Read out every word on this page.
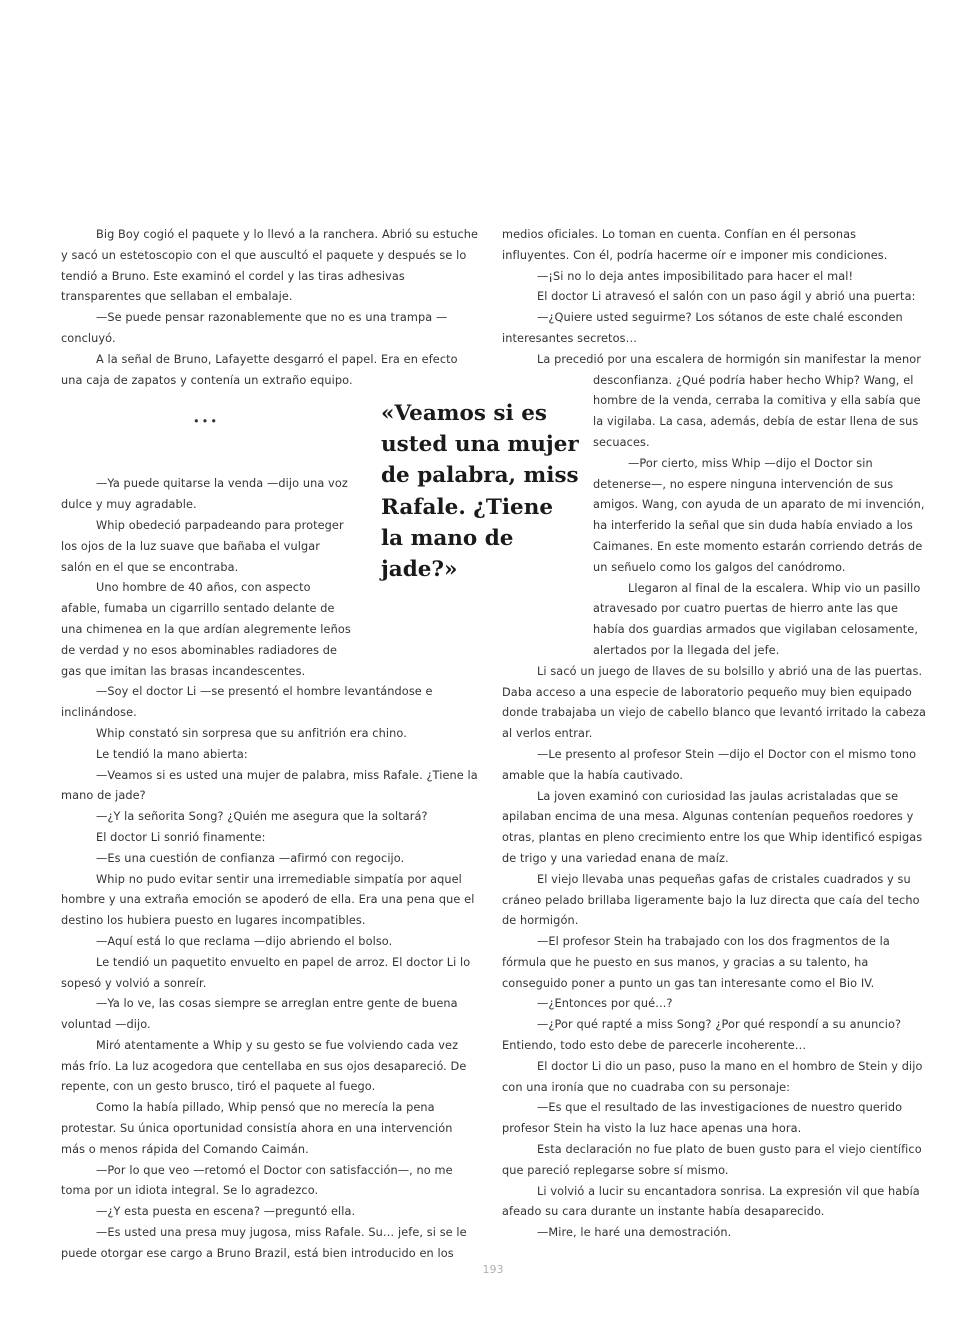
Big Boy cogió el paquete y lo llevó a la ranchera. Abrió su estuche y sacó un estetoscopio con el que auscultó el paquete y después se lo tendió a Bruno. Este examinó el cordel y las tiras adhesivas transparentes que sellaban el embalaje.

—Se puede pensar razonablemente que no es una trampa —concluyó.

A la señal de Bruno, Lafayette desgarró el papel. Era en efecto una caja de zapatos y contenía un extraño equipo.

•••

—Ya puede quitarse la venda —dijo una voz dulce y muy agradable.

Whip obedeció parpadeando para proteger los ojos de la luz suave que bañaba el vulgar salón en el que se encontraba.

Uno hombre de 40 años, con aspecto afable, fumaba un cigarrillo sentado delante de una chimenea en la que ardían alegremente leños de verdad y no esos abominables radiadores de gas que imitan las brasas incandescentes.

—Soy el doctor Li —se presentó el hombre levantándose e inclinándose.

Whip constató sin sorpresa que su anfitrión era chino.

Le tendió la mano abierta:

—Veamos si es usted una mujer de palabra, miss Rafale. ¿Tiene la mano de jade?

—¿Y la señorita Song? ¿Quién me asegura que la soltará?

El doctor Li sonrió finamente:

—Es una cuestión de confianza —afirmó con regocijo.

Whip no pudo evitar sentir una irremediable simpatía por aquel hombre y una extraña emoción se apoderó de ella. Era una pena que el destino los hubiera puesto en lugares incompatibles.

—Aquí está lo que reclama —dijo abriendo el bolso.

Le tendió un paquetito envuelto en papel de arroz. El doctor Li lo sopesó y volvió a sonreír.

—Ya lo ve, las cosas siempre se arreglan entre gente de buena voluntad —dijo.

Miró atentamente a Whip y su gesto se fue volviendo cada vez más frío. La luz acogedora que centellaba en sus ojos desapareció. De repente, con un gesto brusco, tiró el paquete al fuego.

Como la había pillado, Whip pensó que no merecía la pena protestar. Su única oportunidad consistía ahora en una intervención más o menos rápida del Comando Caimán.

—Por lo que veo —retomó el Doctor con satisfacción—, no me toma por un idiota integral. Se lo agradezco.

—¿Y esta puesta en escena? —preguntó ella.

—Es usted una presa muy jugosa, miss Rafale. Su… jefe, si se le puede otorgar ese cargo a Bruno Brazil, está bien introducido en los

«Veamos si es usted una mujer de palabra, miss Rafale. ¿Tiene la mano de jade?»

medios oficiales. Lo toman en cuenta. Confían en él personas influyentes. Con él, podría hacerme oír e imponer mis condiciones.

—¡Si no lo deja antes imposibilitado para hacer el mal!

El doctor Li atravesó el salón con un paso ágil y abrió una puerta:

—¿Quiere usted seguirme? Los sótanos de este chalé esconden interesantes secretos…

La precedió por una escalera de hormigón sin manifestar la menor

desconfianza. ¿Qué podría haber hecho Whip? Wang, el hombre de la venda, cerraba la comitiva y ella sabía que la vigilaba. La casa, además, debía de estar llena de sus secuaces.

—Por cierto, miss Whip —dijo el Doctor sin detenerse—, no espere ninguna intervención de sus amigos. Wang, con ayuda de un aparato de mi invención, ha interferido la señal que sin duda había enviado a los Caimanes. En este momento estarán corriendo detrás de un señuelo como los galgos del canódromo.

Llegaron al final de la escalera. Whip vio un pasillo atravesado por cuatro puertas de hierro ante las que había dos guardias armados que vigilaban celosamente, alertados por la llegada del jefe.

Li sacó un juego de llaves de su bolsillo y abrió una de las puertas. Daba acceso a una especie de laboratorio pequeño muy bien equipado donde trabajaba un viejo de cabello blanco que levantó irritado la cabeza al verlos entrar.

—Le presento al profesor Stein —dijo el Doctor con el mismo tono amable que la había cautivado.

La joven examinó con curiosidad las jaulas acristaladas que se apilaban encima de una mesa. Algunas contenían pequeños roedores y otras, plantas en pleno crecimiento entre los que Whip identificó espigas de trigo y una variedad enana de maíz.

El viejo llevaba unas pequeñas gafas de cristales cuadrados y su cráneo pelado brillaba ligeramente bajo la luz directa que caía del techo de hormigón.

—El profesor Stein ha trabajado con los dos fragmentos de la fórmula que he puesto en sus manos, y gracias a su talento, ha conseguido poner a punto un gas tan interesante como el Bio IV.

—¿Entonces por qué…?

—¿Por qué rapté a miss Song? ¿Por qué respondí a su anuncio? Entiendo, todo esto debe de parecerle incoherente…

El doctor Li dio un paso, puso la mano en el hombro de Stein y dijo con una ironía que no cuadraba con su personaje:

—Es que el resultado de las investigaciones de nuestro querido profesor Stein ha visto la luz hace apenas una hora.

Esta declaración no fue plato de buen gusto para el viejo científico que pareció replegarse sobre sí mismo.

Li volvió a lucir su encantadora sonrisa. La expresión vil que había afeado su cara durante un instante había desaparecido.

—Mire, le haré una demostración.

193
